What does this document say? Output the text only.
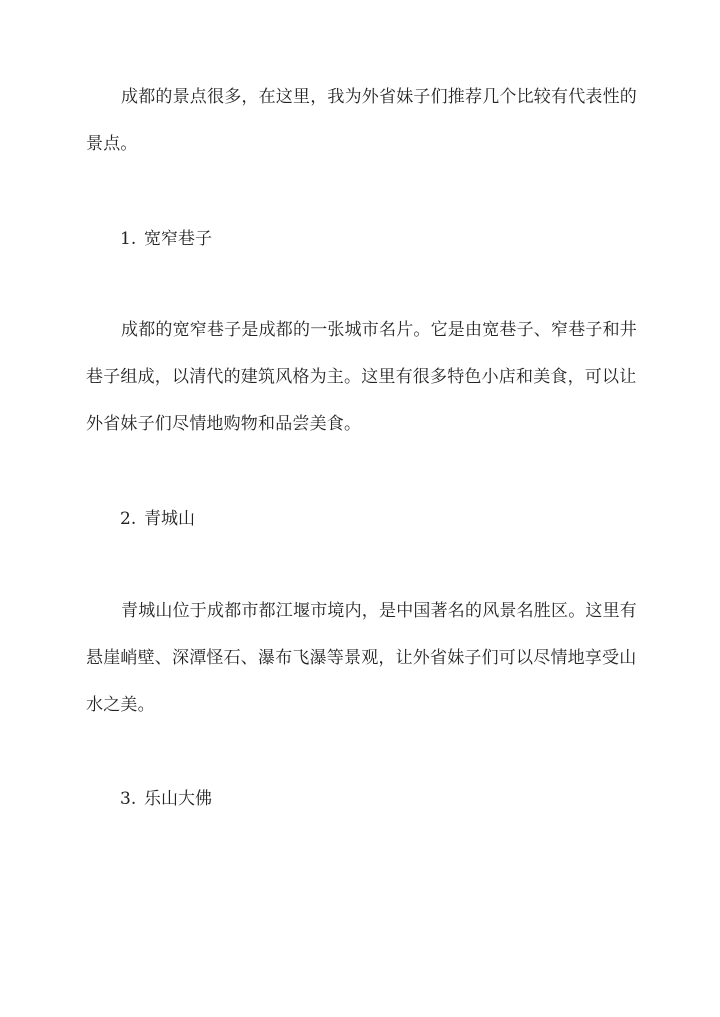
成都的景点很多，在这里，我为外省妹子们推荐几个比较有代表性的景点。

1. 宽窄巷子

成都的宽窄巷子是成都的一张城市名片。它是由宽巷子、窄巷子和井巷子组成，以清代的建筑风格为主。这里有很多特色小店和美食，可以让外省妹子们尽情地购物和品尝美食。

2. 青城山

青城山位于成都市都江堰市境内，是中国著名的风景名胜区。这里有悬崖峭壁、深潭怪石、瀑布飞瀑等景观，让外省妹子们可以尽情地享受山水之美。

3. 乐山大佛
